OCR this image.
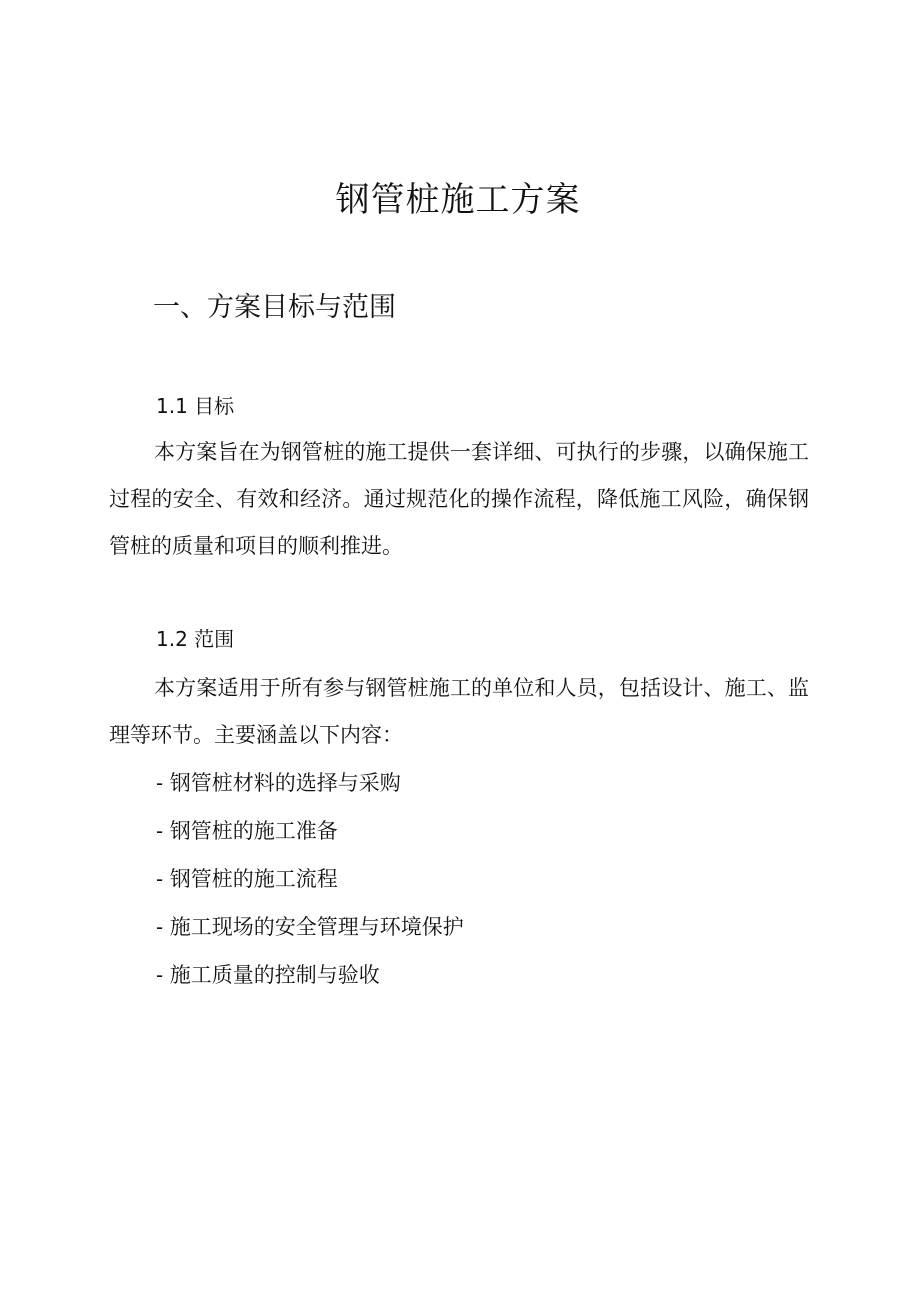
钢管桩施工方案
一、方案目标与范围
1.1 目标

本方案旨在为钢管桩的施工提供一套详细、可执行的步骤，以确保施工过程的安全、有效和经济。通过规范化的操作流程，降低施工风险，确保钢管桩的质量和项目的顺利推进。

1.2 范围

本方案适用于所有参与钢管桩施工的单位和人员，包括设计、施工、监理等环节。主要涵盖以下内容：

- 钢管桩材料的选择与采购
- 钢管桩的施工准备
- 钢管桩的施工流程
- 施工现场的安全管理与环境保护
- 施工质量的控制与验收
